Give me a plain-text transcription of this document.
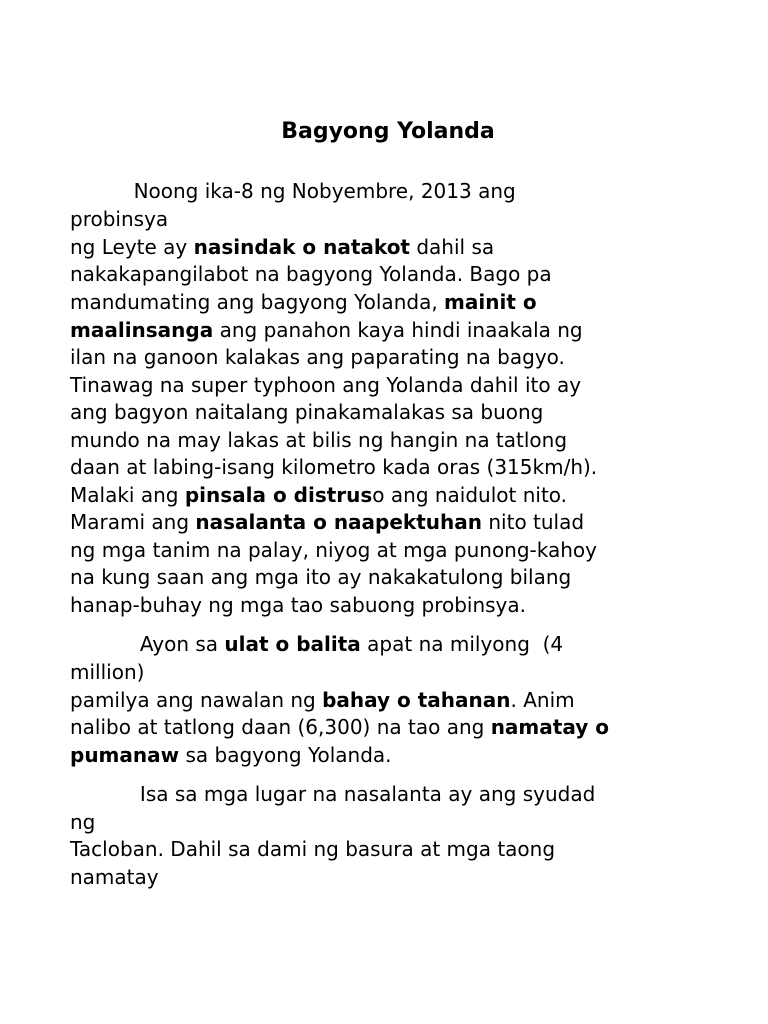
Bagyong Yolanda
Noong ika-8 ng Nobyembre, 2013 ang
probinsya
ng Leyte ay nasindak o natakot dahil sa
nakakapangilabot na bagyong Yolanda. Bago pa
mandumating ang bagyong Yolanda, mainit o
maalinsanga ang panahon kaya hindi inaakala ng
ilan na ganoon kalakas ang paparating na bagyo.
Tinawag na super typhoon ang Yolanda dahil ito ay
ang bagyon naitalang pinakamalakas sa buong
mundo na may lakas at bilis ng hangin na tatlong
daan at labing-isang kilometro kada oras (315km/h).
Malaki ang pinsala o distruso ang naidulot nito.
Marami ang nasalanta o naapektuhan nito tulad
ng mga tanim na palay, niyog at mga punong-kahoy
na kung saan ang mga ito ay nakakatulong bilang
hanap-buhay ng mga tao sabuong probinsya.
Ayon sa ulat o balita apat na milyong  (4
million)
pamilya ang nawalan ng bahay o tahanan. Anim
nalibo at tatlong daan (6,300) na tao ang namatay o
pumanaw sa bagyong Yolanda.
Isa sa mga lugar na nasalanta ay ang syudad
ng
Tacloban. Dahil sa dami ng basura at mga taong
namatay
